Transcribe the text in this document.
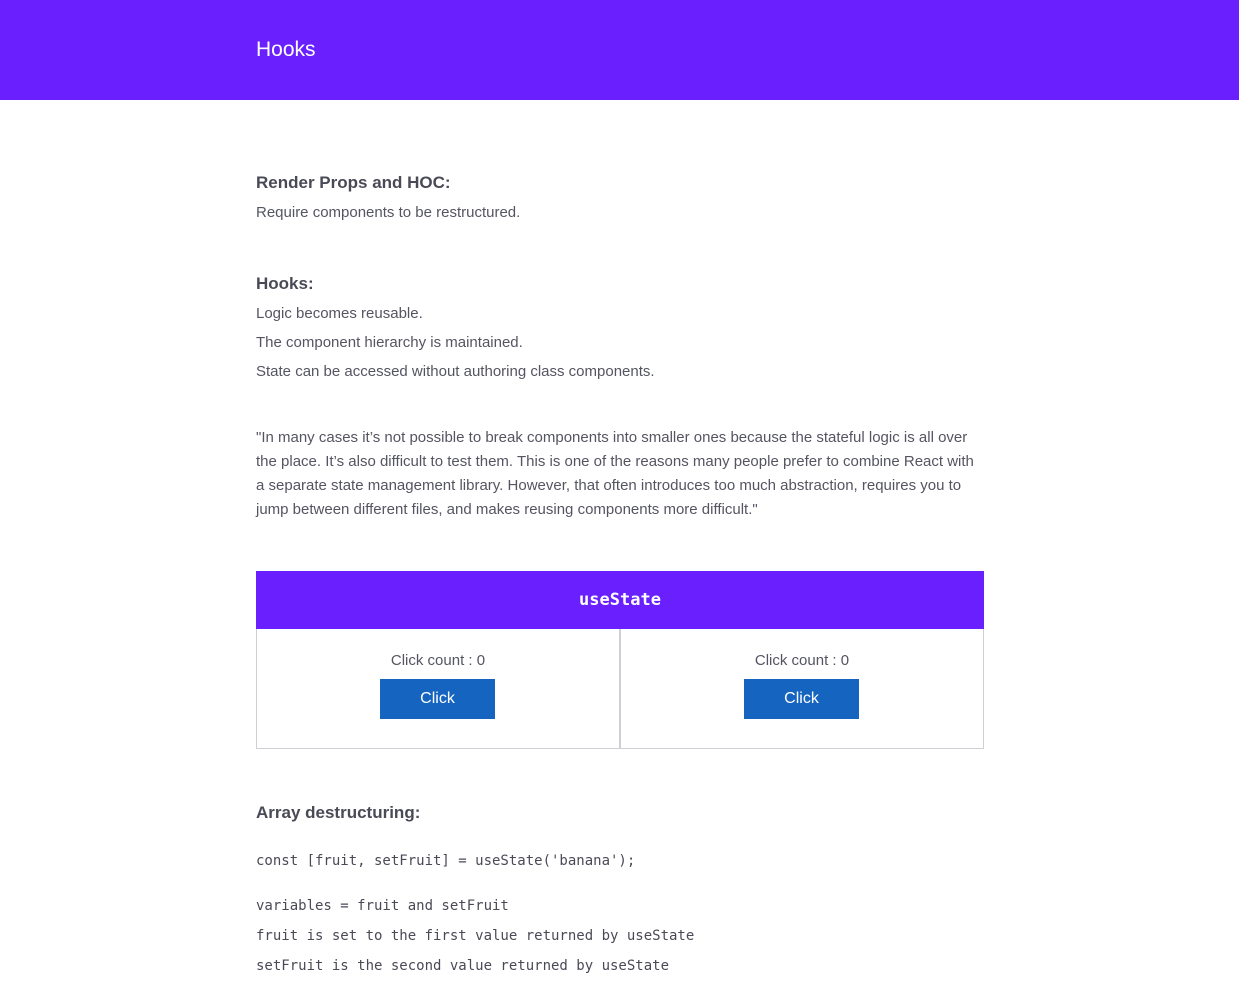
Hooks
Render Props and HOC:
Require components to be restructured.
Hooks:
Logic becomes reusable.
The component hierarchy is maintained.
State can be accessed without authoring class components.
"In many cases it’s not possible to break components into smaller ones because the stateful logic is all over the place. It’s also difficult to test them. This is one of the reasons many people prefer to combine React with a separate state management library. However, that often introduces too much abstraction, requires you to jump between different files, and makes reusing components more difficult."
Array destructuring:
const [fruit, setFruit] = useState('banana');
variables = fruit and setFruit
fruit is set to the first value returned by useState
setFruit is the second value returned by useState
useState
Click count : 0
Click
Click count : 0
Click
